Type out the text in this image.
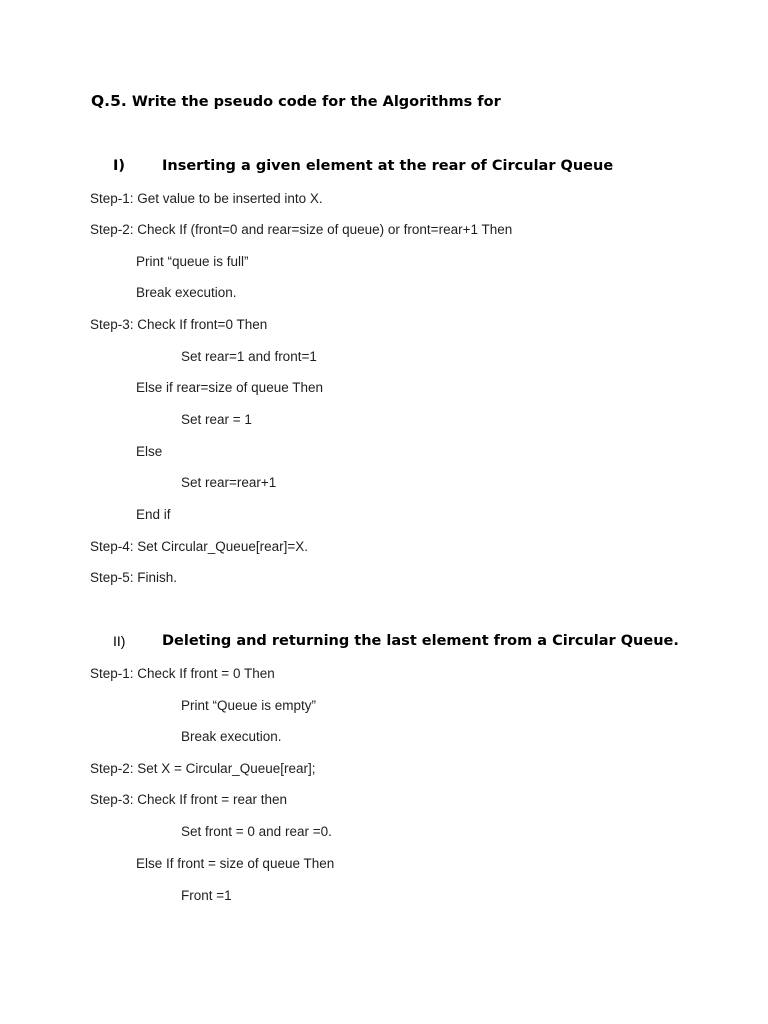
Q.5. Write the pseudo code for the Algorithms for
I)	Inserting a given element at the rear of Circular Queue
Step-1: Get value to be inserted into X.
Step-2: Check If (front=0 and rear=size of queue) or front=rear+1 Then
Print “queue is full”
Break execution.
Step-3: Check If front=0 Then
Set rear=1 and front=1
Else if rear=size of queue Then
Set rear = 1
Else
Set rear=rear+1
End if
Step-4: Set Circular_Queue[rear]=X.
Step-5: Finish.
II)	Deleting and returning the last element from a Circular Queue.
Step-1: Check If front = 0 Then
Print “Queue is empty”
Break execution.
Step-2: Set X = Circular_Queue[rear];
Step-3: Check If front = rear then
Set front = 0 and rear =0.
Else If front = size of queue Then
Front =1
